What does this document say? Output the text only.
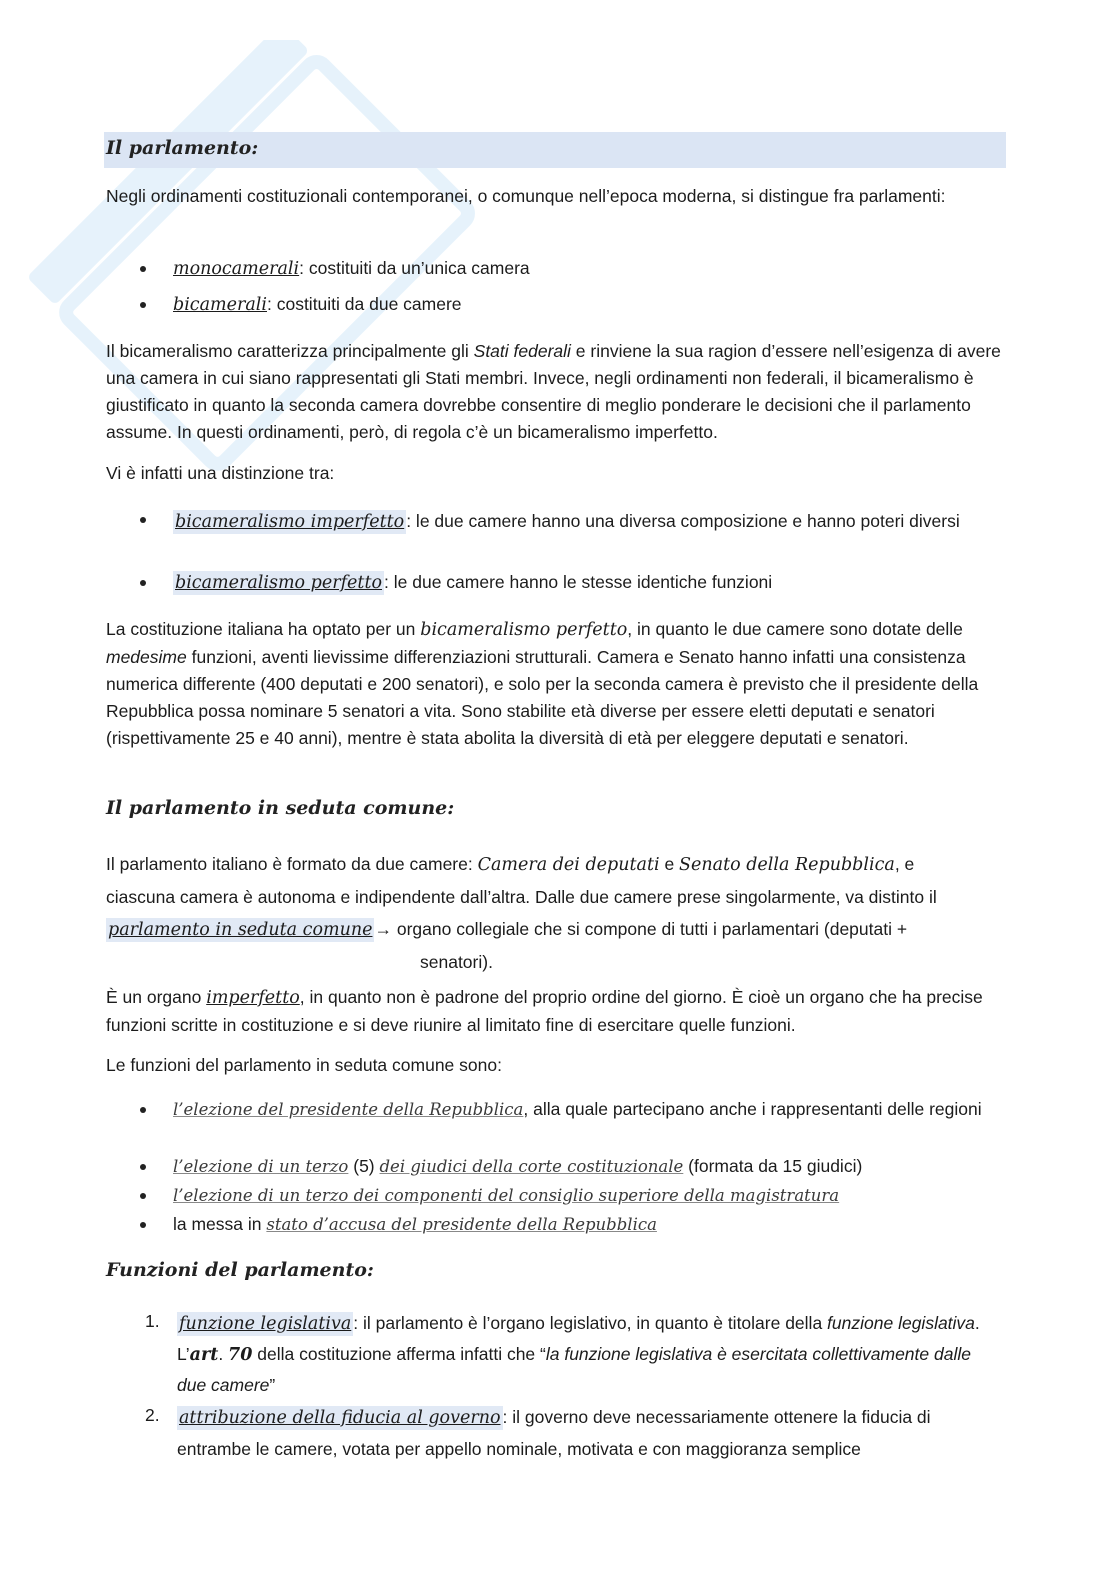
Il parlamento:

Negli ordinamenti costituzionali contemporanei, o comunque nell’epoca moderna, si distingue fra parlamenti:

monocamerali: costituiti da un’unica camera
bicamerali: costituiti da due camere

Il bicameralismo caratterizza principalmente gli Stati federali e rinviene la sua ragion d’essere nell’esigenza di avere una camera in cui siano rappresentati gli Stati membri. Invece, negli ordinamenti non federali, il bicameralismo è giustificato in quanto la seconda camera dovrebbe consentire di meglio ponderare le decisioni che il parlamento assume. In questi ordinamenti, però, di regola c’è un bicameralismo imperfetto.

Vi è infatti una distinzione tra:

bicameralismo imperfetto : le due camere hanno una diversa composizione e hanno poteri diversi
bicameralismo perfetto : le due camere hanno le stesse identiche funzioni

La costituzione italiana ha optato per un bicameralismo perfetto, in quanto le due camere sono dotate delle medesime funzioni, aventi lievissime differenziazioni strutturali. Camera e Senato hanno infatti una consistenza numerica differente (400 deputati e 200 senatori), e solo per la seconda camera è previsto che il presidente della Repubblica possa nominare 5 senatori a vita. Sono stabilite età diverse per essere eletti deputati e senatori (rispettivamente 25 e 40 anni), mentre è stata abolita la diversità di età per eleggere deputati e senatori.

Il parlamento in seduta comune:
Il parlamento italiano è formato da due camere: Camera dei deputati e Senato della Repubblica, e
ciascuna camera è autonoma e indipendente dall’altra. Dalle due camere prese singolarmente, va distinto il
parlamento in seduta comune → organo collegiale che si compone di tutti i parlamentari (deputati +
senatori).

È un organo imperfetto, in quanto non è padrone del proprio ordine del giorno. È cioè un organo che ha precise funzioni scritte in costituzione e si deve riunire al limitato fine di esercitare quelle funzioni.

Le funzioni del parlamento in seduta comune sono:

l’elezione del presidente della Repubblica, alla quale partecipano anche i rappresentanti delle regioni
l’elezione di un terzo (5) dei giudici della corte costituzionale (formata da 15 giudici)
l’elezione di un terzo dei componenti del consiglio superiore della magistratura
la messa in stato d’accusa del presidente della Repubblica
Funzioni del parlamento:
1. funzione legislativa : il parlamento è l’organo legislativo, in quanto è titolare della funzione legislativa. L’art. 70 della costituzione afferma infatti che “la funzione legislativa è esercitata collettivamente dalle due camere”
2. attribuzione della fiducia al governo : il governo deve necessariamente ottenere la fiducia di entrambe le camere, votata per appello nominale, motivata e con maggioranza semplice
